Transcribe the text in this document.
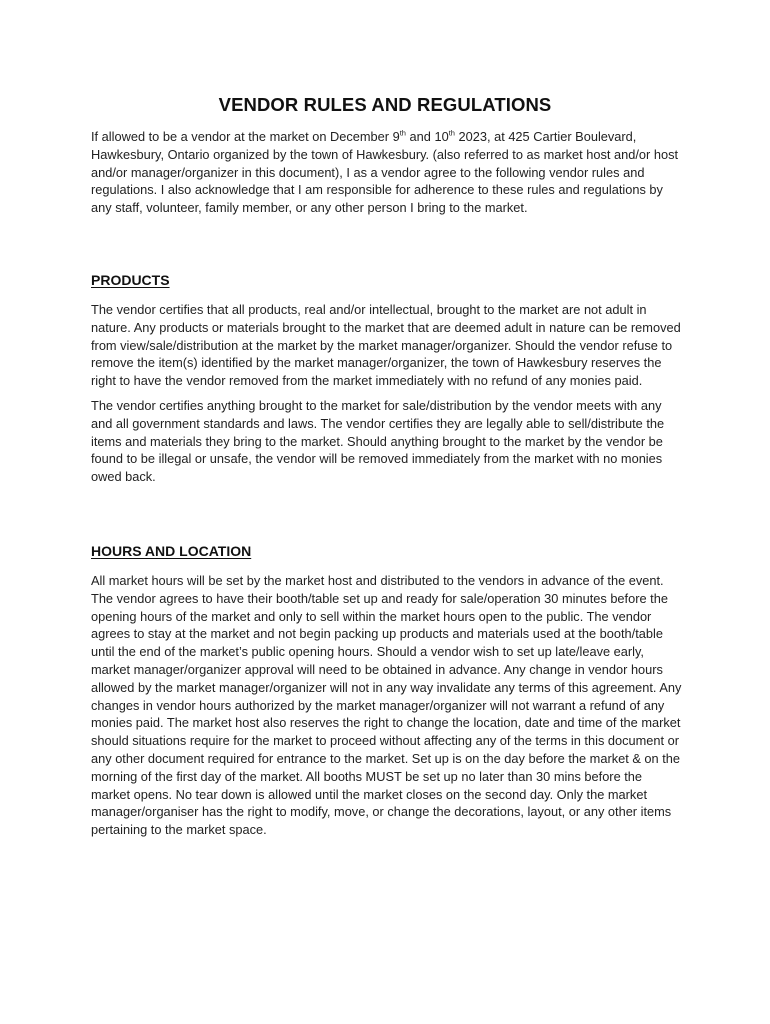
VENDOR RULES AND REGULATIONS

If allowed to be a vendor at the market on December 9th and 10th 2023, at 425 Cartier Boulevard, Hawkesbury, Ontario organized by the town of Hawkesbury. (also referred to as market host and/or host and/or manager/organizer in this document), I as a vendor agree to the following vendor rules and regulations. I also acknowledge that I am responsible for adherence to these rules and regulations by any staff, volunteer, family member, or any other person I bring to the market.

PRODUCTS

The vendor certifies that all products, real and/or intellectual, brought to the market are not adult in nature. Any products or materials brought to the market that are deemed adult in nature can be removed from view/sale/distribution at the market by the market manager/organizer. Should the vendor refuse to remove the item(s) identified by the market manager/organizer, the town of Hawkesbury reserves the right to have the vendor removed from the market immediately with no refund of any monies paid.

The vendor certifies anything brought to the market for sale/distribution by the vendor meets with any and all government standards and laws. The vendor certifies they are legally able to sell/distribute the items and materials they bring to the market. Should anything brought to the market by the vendor be found to be illegal or unsafe, the vendor will be removed immediately from the market with no monies owed back.

HOURS AND LOCATION

All market hours will be set by the market host and distributed to the vendors in advance of the event. The vendor agrees to have their booth/table set up and ready for sale/operation 30 minutes before the opening hours of the market and only to sell within the market hours open to the public. The vendor agrees to stay at the market and not begin packing up products and materials used at the booth/table until the end of the market’s public opening hours. Should a vendor wish to set up late/leave early, market manager/organizer approval will need to be obtained in advance. Any change in vendor hours allowed by the market manager/organizer will not in any way invalidate any terms of this agreement. Any changes in vendor hours authorized by the market manager/organizer will not warrant a refund of any monies paid. The market host also reserves the right to change the location, date and time of the market should situations require for the market to proceed without affecting any of the terms in this document or any other document required for entrance to the market. Set up is on the day before the market & on the morning of the first day of the market. All booths MUST be set up no later than 30 mins before the market opens. No tear down is allowed until the market closes on the second day. Only the market manager/organiser has the right to modify, move, or change the decorations, layout, or any other items pertaining to the market space.
